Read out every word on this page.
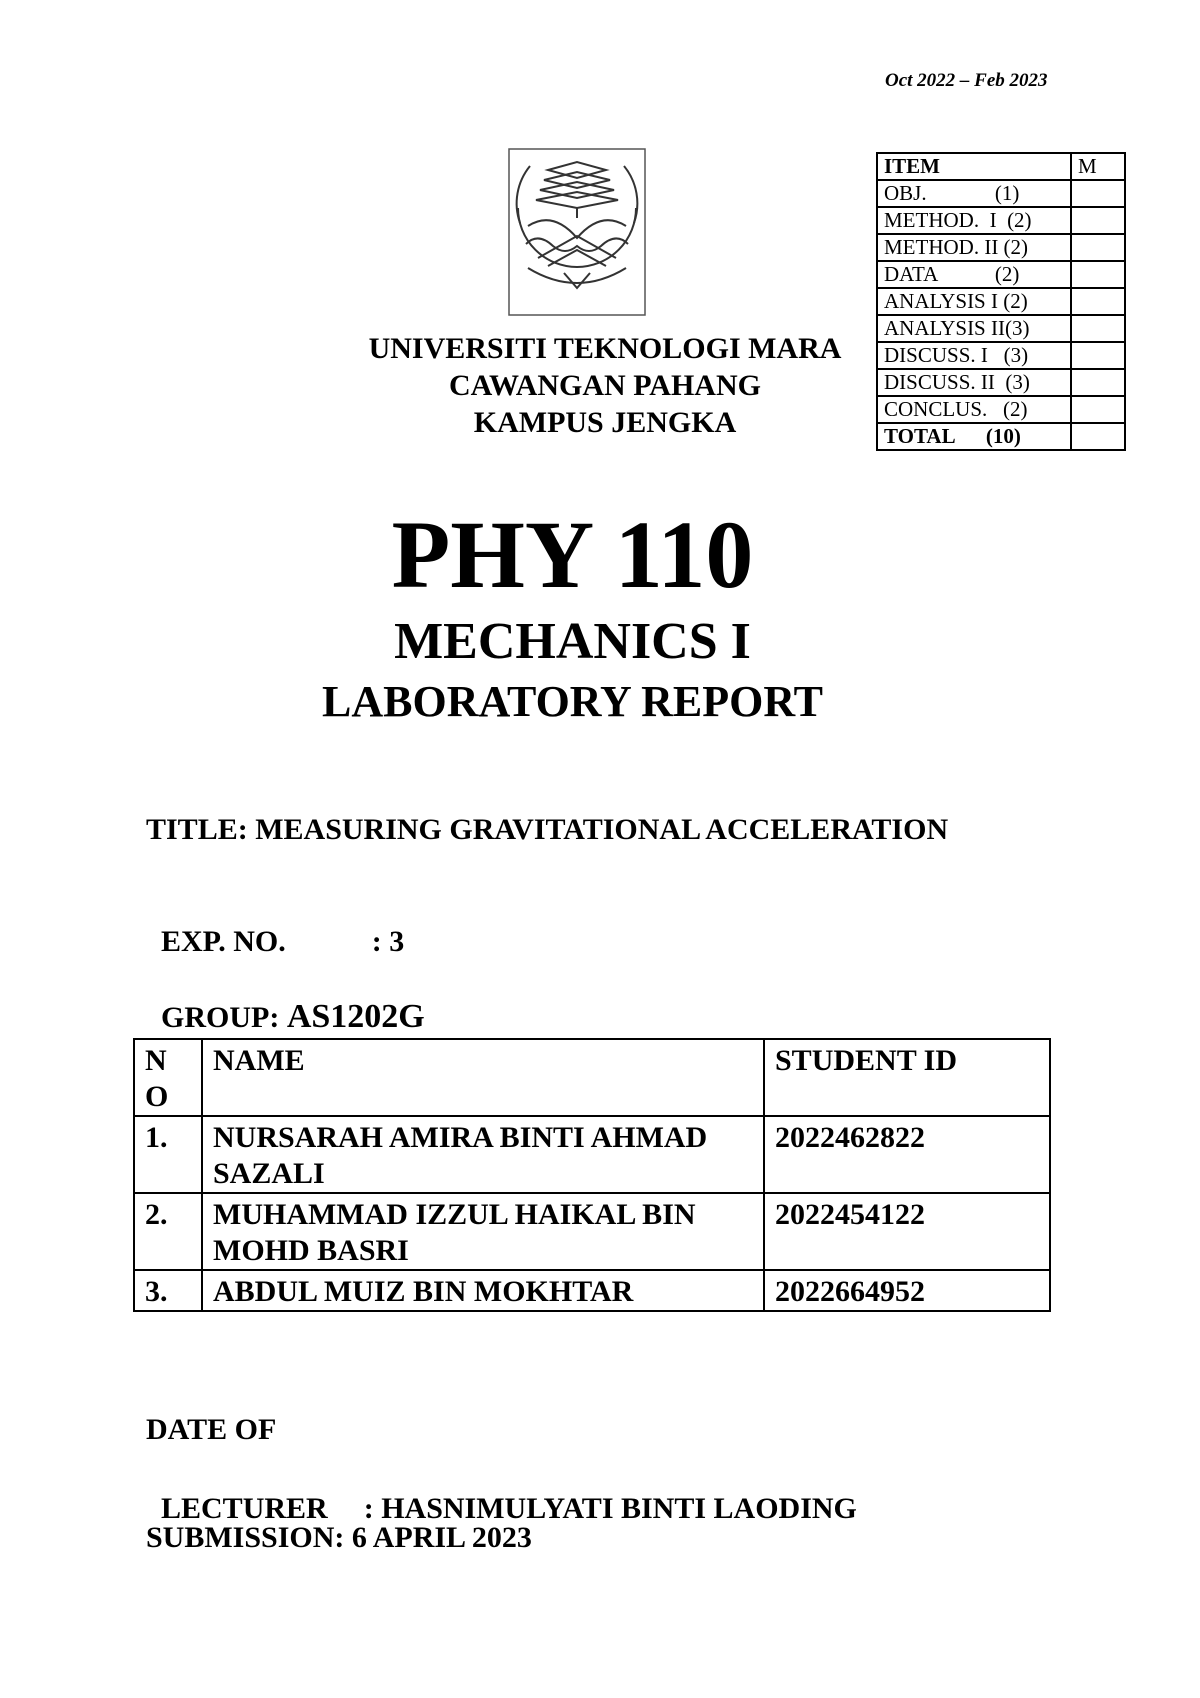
Oct 2022 – Feb 2023
UNIVERSITI TEKNOLOGI MARA
CAWANGAN PAHANG
KAMPUS JENGKA
ITEM	M
OBJ.             (1)	
METHOD.  I  (2)	
METHOD. II (2)	
DATA           (2)	
ANALYSIS I (2)	
ANALYSIS II(3)	
DISCUSS. I   (3)	
DISCUSS. II  (3)	
CONCLUS.   (2)	
TOTAL      (10)	
PHY 110
MECHANICS I
LABORATORY REPORT
TITLE: MEASURING GRAVITATIONAL ACCELERATION

EXP. NO.	: 3

GROUP: AS1202G

N
O	NAME	STUDENT ID
1.	NURSARAH AMIRA BINTI AHMAD SAZALI	2022462822
2.	MUHAMMAD IZZUL HAIKAL BIN MOHD BASRI	2022454122
3.	ABDUL MUIZ BIN MOKHTAR	2022664952

DATE OF

SUBMISSION: 6 APRIL 2023

LECTURER : HASNIMULYATI BINTI LAODING
